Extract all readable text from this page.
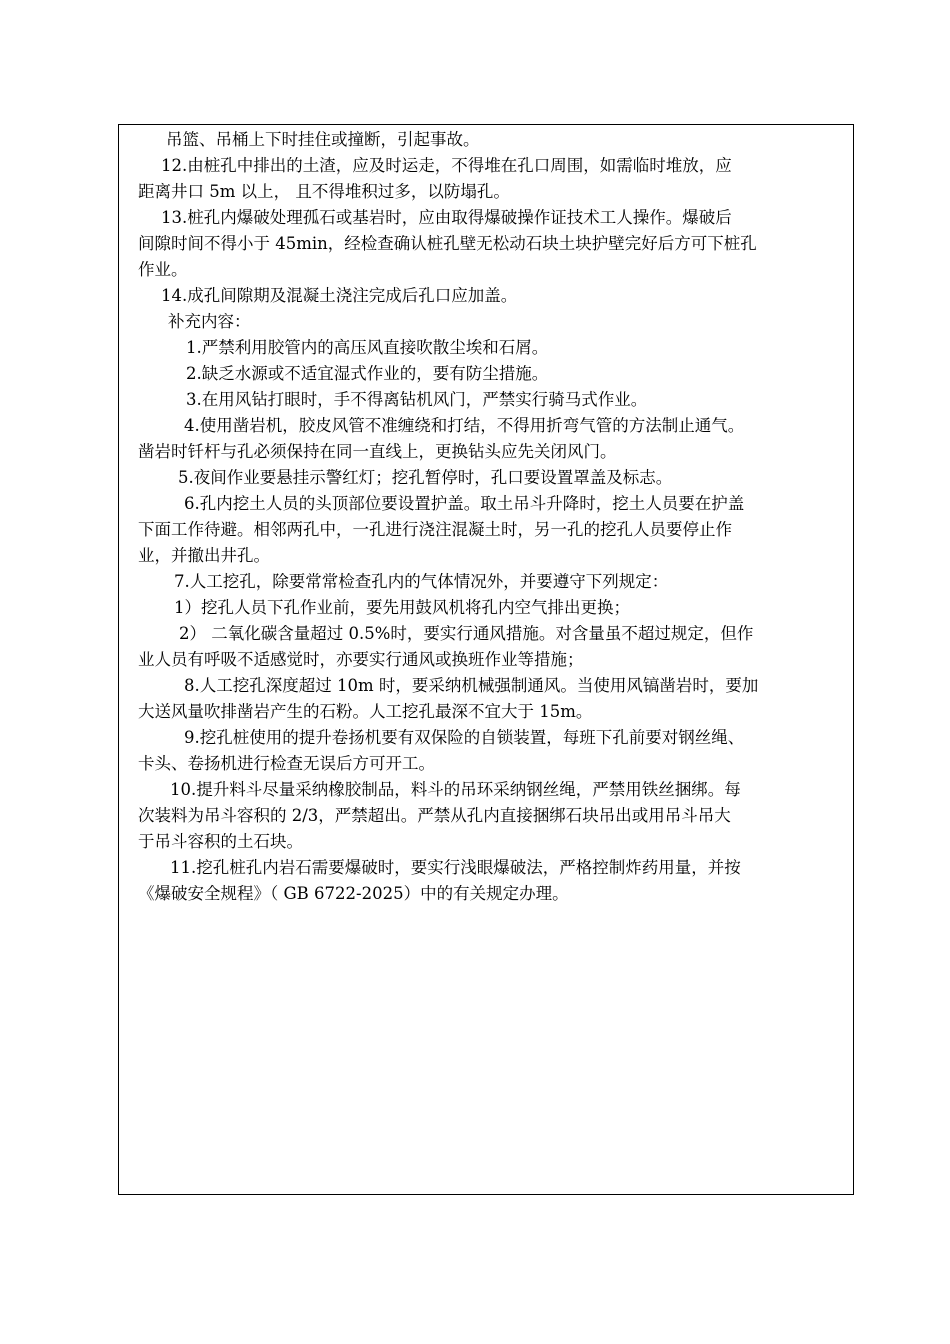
吊篮、吊桶上下时挂住或撞断，引起事故。

12.由桩孔中排出的土渣，应及时运走，不得堆在孔口周围，如需临时堆放，应

距离井口 5m 以上， 且不得堆积过多，以防塌孔。

13.桩孔内爆破处理孤石或基岩时，应由取得爆破操作证技术工人操作。爆破后

间隙时间不得小于 45min，经检查确认桩孔壁无松动石块土块护壁完好后方可下桩孔

作业。

14.成孔间隙期及混凝土浇注完成后孔口应加盖。

补充内容：

1.严禁利用胶管内的高压风直接吹散尘埃和石屑。

2.缺乏水源或不适宜湿式作业的，要有防尘措施。

3.在用风钻打眼时，手不得离钻机风门，严禁实行骑马式作业。

4.使用凿岩机，胶皮风管不准缠绕和打结，不得用折弯气管的方法制止通气。

凿岩时钎杆与孔必须保持在同一直线上，更换钻头应先关闭风门。

5.夜间作业要悬挂示警红灯；挖孔暂停时，孔口要设置罩盖及标志。

6.孔内挖土人员的头顶部位要设置护盖。取土吊斗升降时，挖土人员要在护盖

下面工作待避。相邻两孔中，一孔进行浇注混凝土时，另一孔的挖孔人员要停止作

业，并撤出井孔。

7.人工挖孔，除要常常检查孔内的气体情况外，并要遵守下列规定：

1）挖孔人员下孔作业前，要先用鼓风机将孔内空气排出更换；

2） 二氧化碳含量超过 0.5%时，要实行通风措施。对含量虽不超过规定，但作

业人员有呼吸不适感觉时，亦要实行通风或换班作业等措施；

8.人工挖孔深度超过 10m 时，要采纳机械强制通风。当使用风镐凿岩时，要加

大送风量吹排凿岩产生的石粉。人工挖孔最深不宜大于 15m。

9.挖孔桩使用的提升卷扬机要有双保险的自锁装置，每班下孔前要对钢丝绳、

卡头、卷扬机进行检查无误后方可开工。

10.提升料斗尽量采纳橡胶制品，料斗的吊环采纳钢丝绳，严禁用铁丝捆绑。每

次装料为吊斗容积的 2/3，严禁超出。严禁从孔内直接捆绑石块吊出或用吊斗吊大

于吊斗容积的土石块。

11.挖孔桩孔内岩石需要爆破时，要实行浅眼爆破法，严格控制炸药用量，并按

《爆破安全规程》（ GB 6722-2025）中的有关规定办理。
